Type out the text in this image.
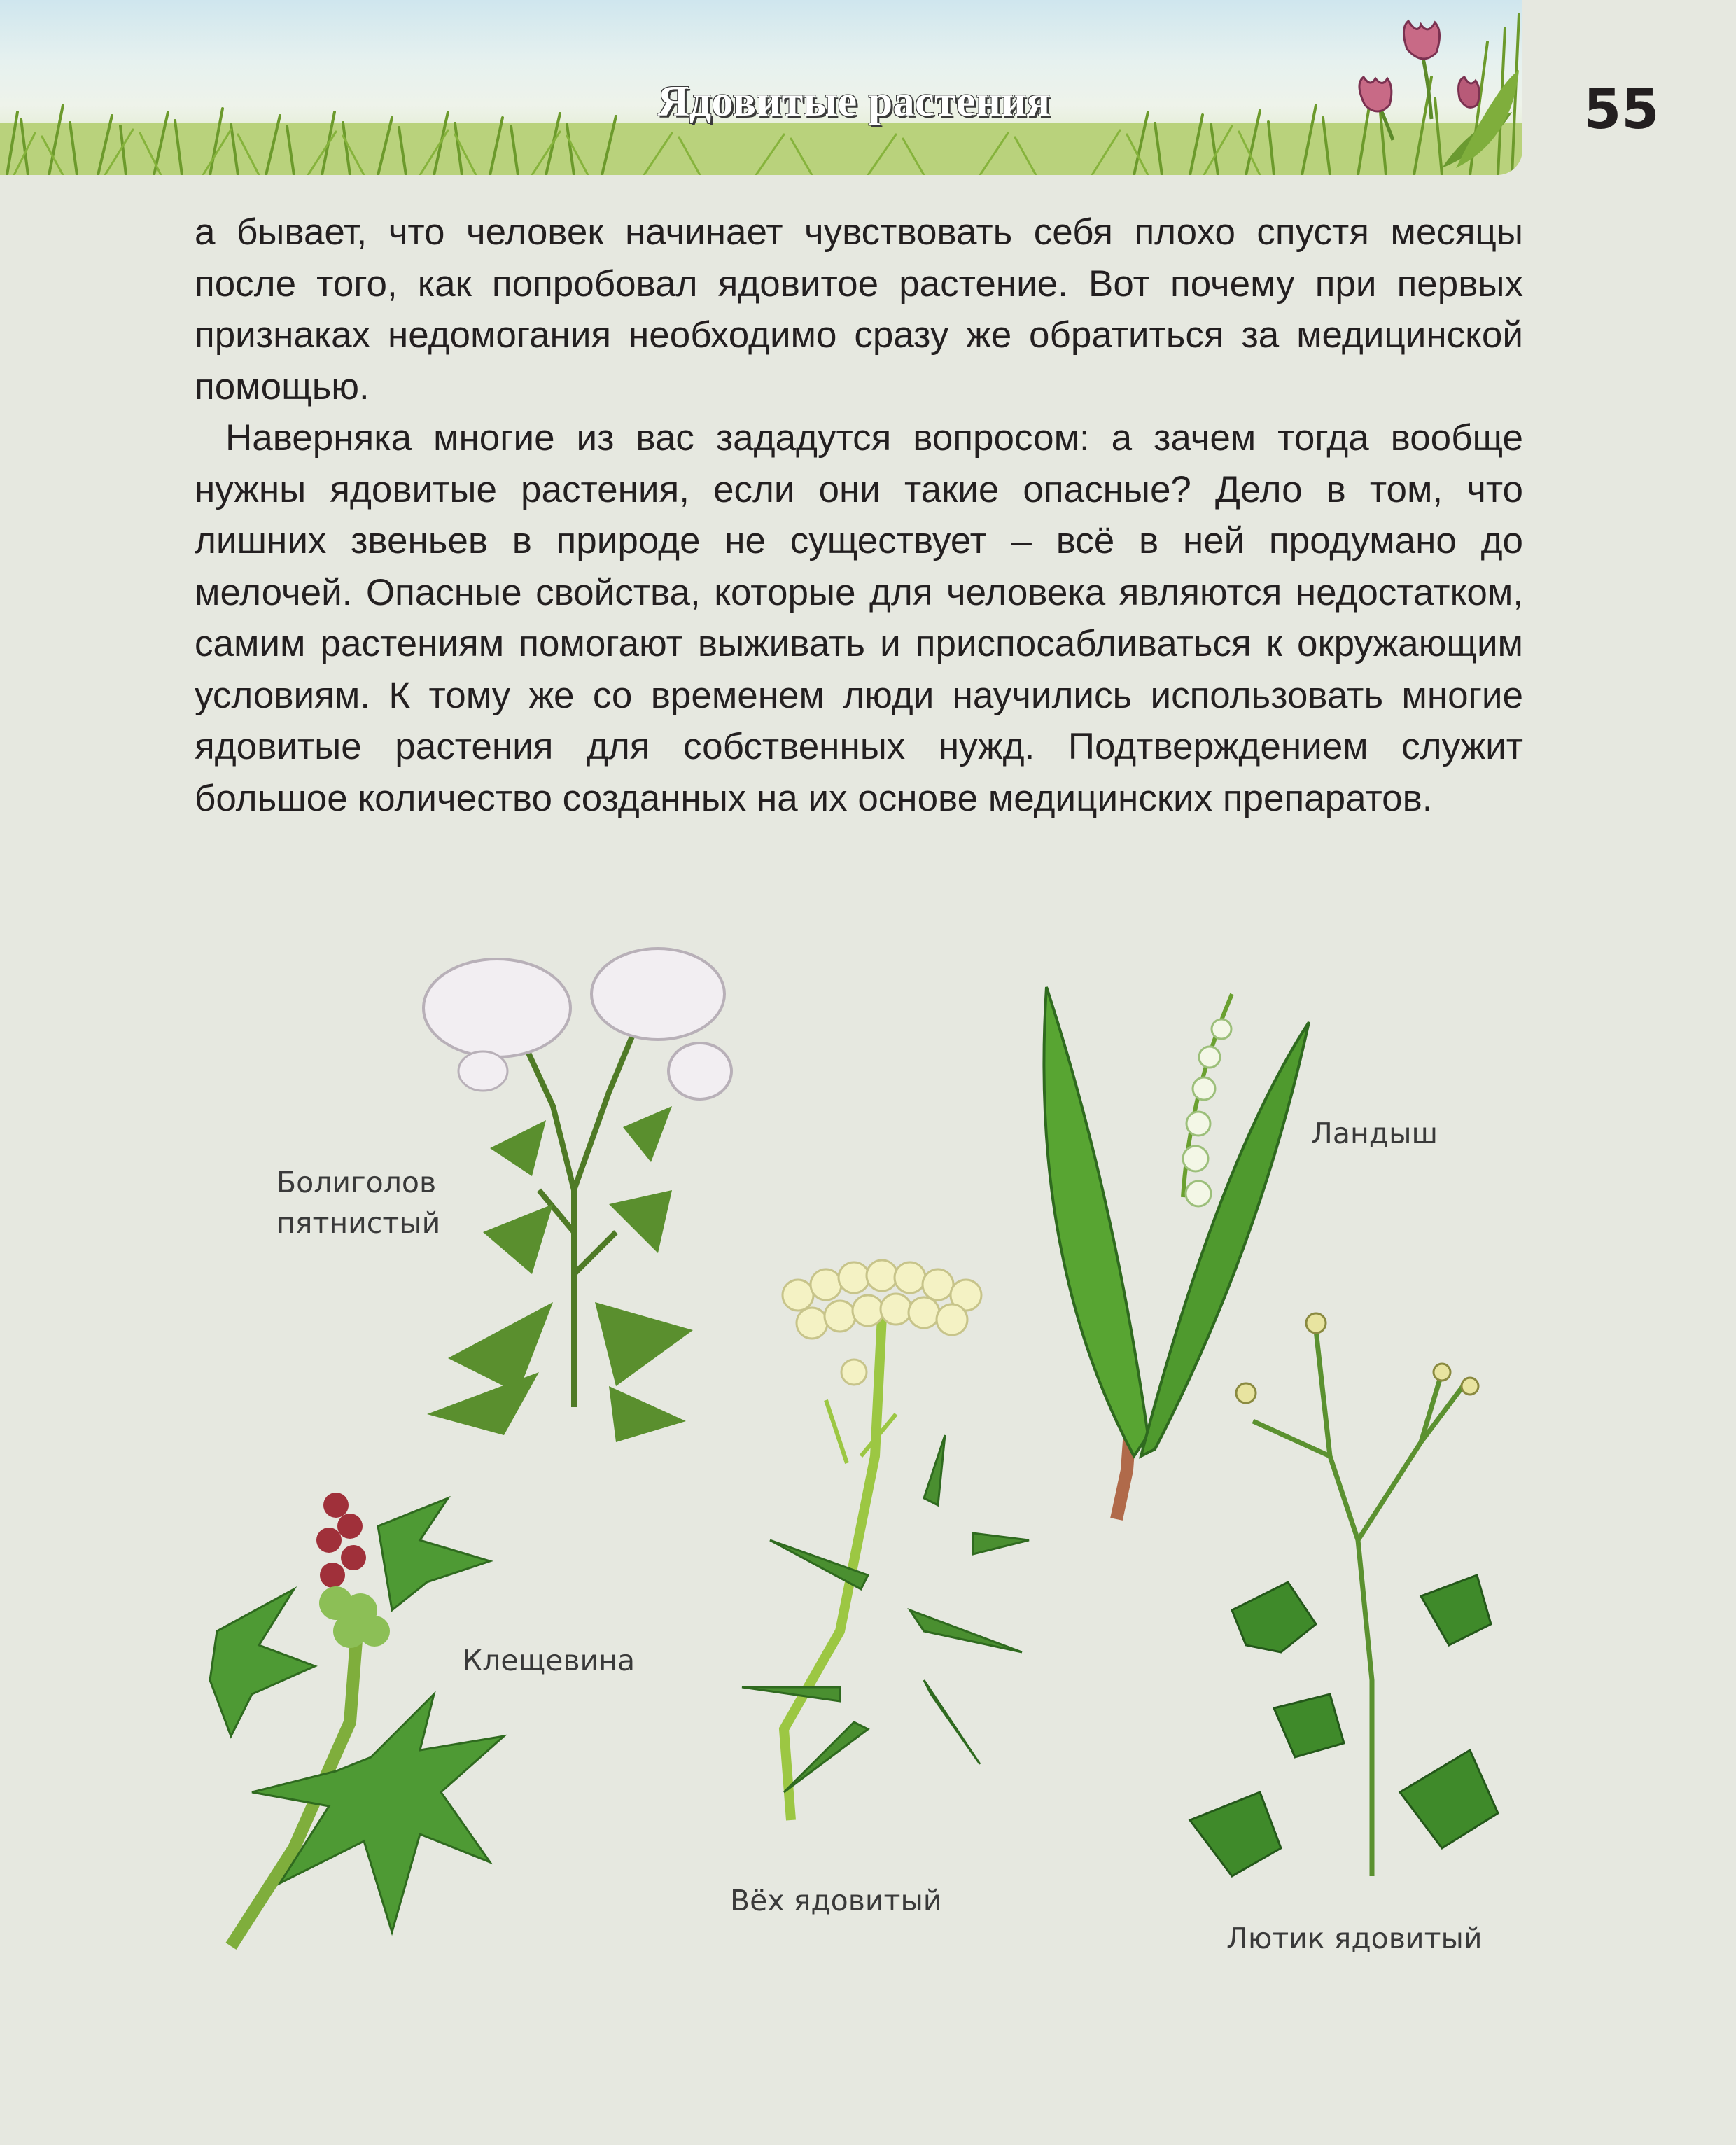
Ядовитые растения	55

а бывает, что человек начинает чувствовать себя плохо спустя месяцы после того, как попробовал ядовитое растение. Вот почему при первых признаках недомогания необходимо сразу же обратиться за медицинской помощью.

Наверняка многие из вас зададутся вопросом: а зачем тогда вообще нужны ядовитые растения, если они такие опасные? Дело в том, что лишних звеньев в природе не существует – всё в ней продумано до мелочей. Опасные свойства, которые для человека являются недостатком, самим растениям помогают выживать и приспосабливаться к окружающим условиям. К тому же со временем люди научились использовать многие ядовитые растения для собственных нужд. Подтверждением служит большое количество созданных на их основе медицинских препаратов.

Болиголов
пятнистый
Ландыш
Клещевина
Вёх ядовитый
Лютик ядовитый
